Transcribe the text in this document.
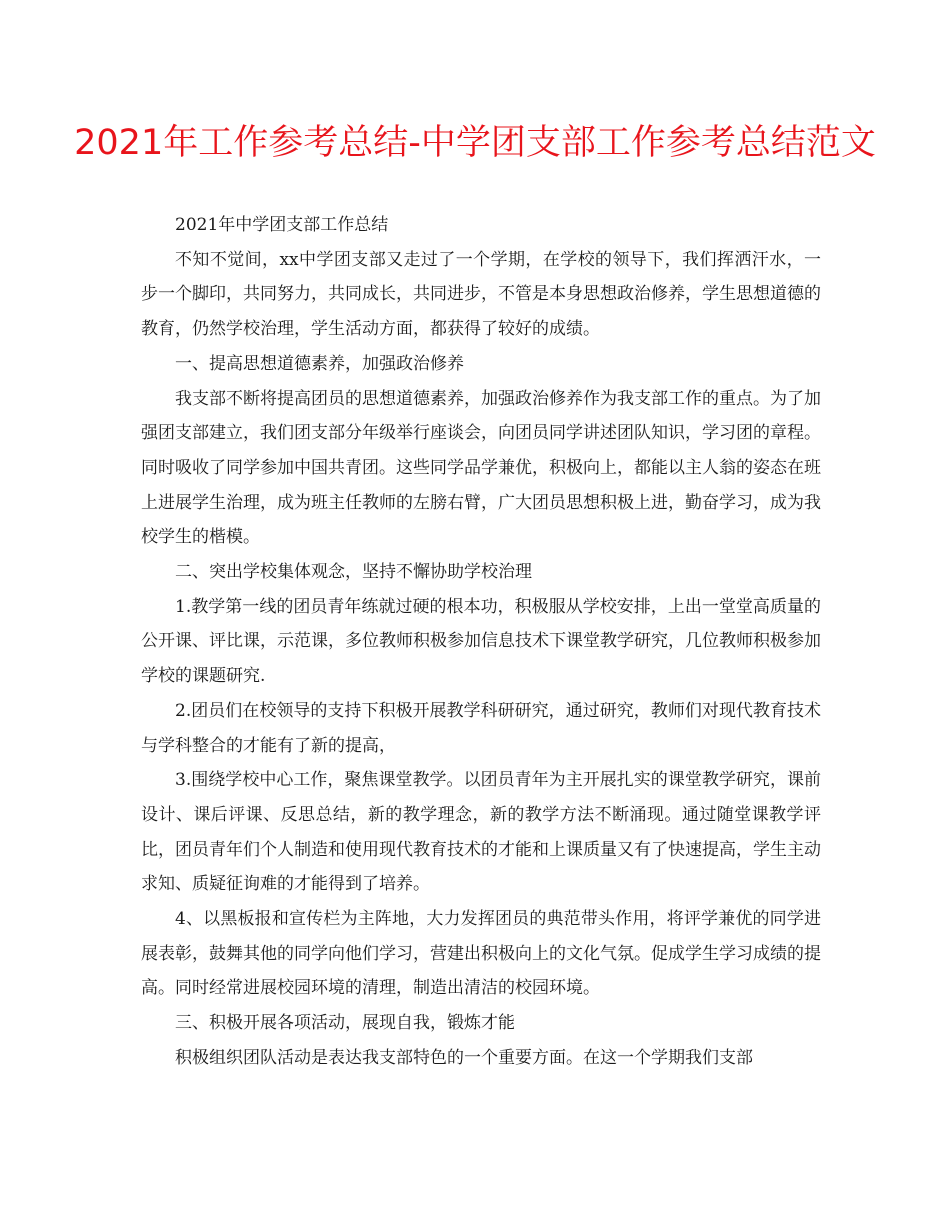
2021年工作参考总结-中学团支部工作参考总结范文

2021年中学团支部工作总结

不知不觉间，xx中学团支部又走过了一个学期，在学校的领导下，我们挥洒汗水，一步一个脚印，共同努力，共同成长，共同进步，不管是本身思想政治修养，学生思想道德的教育，仍然学校治理，学生活动方面，都获得了较好的成绩。

一、提高思想道德素养，加强政治修养

我支部不断将提高团员的思想道德素养，加强政治修养作为我支部工作的重点。为了加强团支部建立，我们团支部分年级举行座谈会，向团员同学讲述团队知识，学习团的章程。同时吸收了同学参加中国共青团。这些同学品学兼优，积极向上，都能以主人翁的姿态在班上进展学生治理，成为班主任教师的左膀右臂，广大团员思想积极上进，勤奋学习，成为我校学生的楷模。

二、突出学校集体观念，坚持不懈协助学校治理

1.教学第一线的团员青年练就过硬的根本功，积极服从学校安排，上出一堂堂高质量的公开课、评比课，示范课，多位教师积极参加信息技术下课堂教学研究，几位教师积极参加学校的课题研究.

2.团员们在校领导的支持下积极开展教学科研研究，通过研究，教师们对现代教育技术与学科整合的才能有了新的提高，

3.围绕学校中心工作，聚焦课堂教学。以团员青年为主开展扎实的课堂教学研究，课前设计、课后评课、反思总结，新的教学理念，新的教学方法不断涌现。通过随堂课教学评比，团员青年们个人制造和使用现代教育技术的才能和上课质量又有了快速提高，学生主动求知、质疑征询难的才能得到了培养。

4、以黑板报和宣传栏为主阵地，大力发挥团员的典范带头作用，将评学兼优的同学进展表彰，鼓舞其他的同学向他们学习，营建出积极向上的文化气氛。促成学生学习成绩的提高。同时经常进展校园环境的清理，制造出清洁的校园环境。

三、积极开展各项活动，展现自我，锻炼才能

积极组织团队活动是表达我支部特色的一个重要方面。在这一个学期我们支部
